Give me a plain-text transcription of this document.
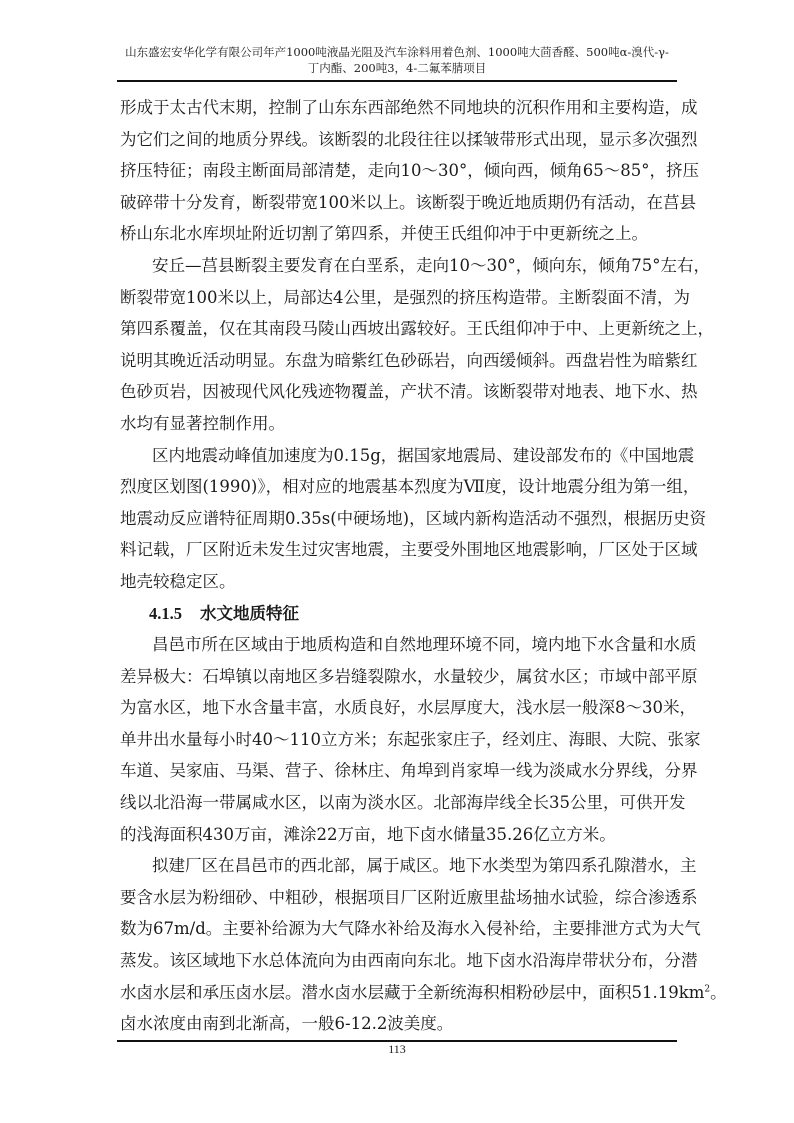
山东盛宏安华化学有限公司年产1000吨液晶光阻及汽车涂料用着色剂、1000吨大茴香醛、500吨α-溴代-γ-
丁内酯、200吨3，4-二氟苯腈项目
形成于太古代末期，控制了山东东西部绝然不同地块的沉积作用和主要构造，成
为它们之间的地质分界线。该断裂的北段往往以揉皱带形式出现，显示多次强烈
挤压特征；南段主断面局部清楚，走向10～30°，倾向西，倾角65～85°，挤压
破碎带十分发育，断裂带宽100米以上。该断裂于晚近地质期仍有活动，在莒县
桥山东北水库坝址附近切割了第四系，并使王氏组仰冲于中更新统之上。
安丘—莒县断裂主要发育在白垩系，走向10～30°，倾向东，倾角75°左右，
断裂带宽100米以上，局部达4公里，是强烈的挤压构造带。主断裂面不清，为
第四系覆盖，仅在其南段马陵山西坡出露较好。王氏组仰冲于中、上更新统之上，
说明其晚近活动明显。东盘为暗紫红色砂砾岩，向西缓倾斜。西盘岩性为暗紫红
色砂页岩，因被现代风化残迹物覆盖，产状不清。该断裂带对地表、地下水、热
水均有显著控制作用。
区内地震动峰值加速度为0.15g，据国家地震局、建设部发布的《中国地震
烈度区划图(1990)》，相对应的地震基本烈度为Ⅶ度，设计地震分组为第一组，
地震动反应谱特征周期0.35s(中硬场地)，区域内新构造活动不强烈，根据历史资
料记载，厂区附近未发生过灾害地震，主要受外围地区地震影响，厂区处于区域
地壳较稳定区。
4.1.5 水文地质特征
昌邑市所在区域由于地质构造和自然地理环境不同，境内地下水含量和水质
差异极大：石埠镇以南地区多岩缝裂隙水，水量较少，属贫水区；市域中部平原
为富水区，地下水含量丰富，水质良好，水层厚度大，浅水层一般深8～30米，
单井出水量每小时40～110立方米；东起张家庄子，经刘庄、海眼、大院、张家
车道、吴家庙、马渠、营子、徐林庄、角埠到肖家埠一线为淡咸水分界线，分界
线以北沿海一带属咸水区，以南为淡水区。北部海岸线全长35公里，可供开发
的浅海面积430万亩，滩涂22万亩，地下卤水储量35.26亿立方米。
拟建厂区在昌邑市的西北部，属于咸区。地下水类型为第四系孔隙潜水，主
要含水层为粉细砂、中粗砂，根据项目厂区附近廒里盐场抽水试验，综合渗透系
数为67m/d。主要补给源为大气降水补给及海水入侵补给，主要排泄方式为大气
蒸发。该区域地下水总体流向为由西南向东北。地下卤水沿海岸带状分布，分潜
水卤水层和承压卤水层。潜水卤水层藏于全新统海积相粉砂层中，面积$51.19km^2$。
卤水浓度由南到北渐高，一般6-12.2波美度。
113
